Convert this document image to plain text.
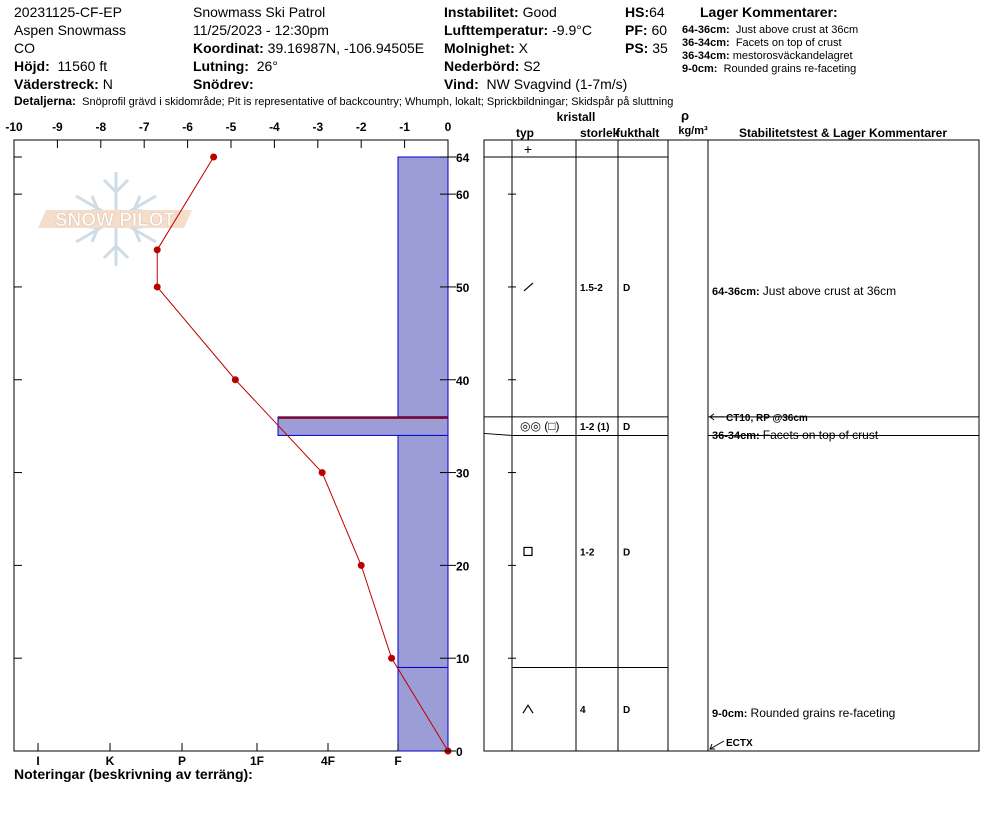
20231125-CF-EP
Aspen Snowmass
CO
Höjd: 11560 ft
Väderstreck: N
Snowmass Ski Patrol
11/25/2023 - 12:30pm
Koordinat: 39.16987N, -106.94505E
Lutning: 26°
Snödrev:
Instabilitet: Good
Lufttemperatur: -9.9°C
Molnighet: X
Nederbörd: S2
Vind: NW Svagvind (1-7m/s)
HS:64
PF: 60
PS: 35
Lager Kommentarer:
64-36cm: Just above crust at 36cm
36-34cm: Facets on top of crust
36-34cm: mestorosväckandelagret
9-0cm: Rounded grains re-faceting
Detaljerna: Snöprofil grävd i skidområde; Pit is representative of backcountry; Whumph, lokalt; Sprickbildningar; Skidspår på sluttning
Noteringar (beskrivning av terräng):
SNOW PILOT
-10 -9	-8	-7	-6	-5	-4	-3	-2	-1	0
I	K	P	1F	4F	F
0
10
20
30
40
50
60
64
kristall
typ	storlek
fukthalt
ρ
kg/m³	Stabilitetstest & Lager Kommentarer
+
1.5-2 D
◎◎ (□) 1-2 (1) D
1-2	D
4	D
64-36cm: Just above crust at 36cm
36-34cm: Facets on top of crust
9-0cm: Rounded grains re-faceting
CT10, RP @36cm
ECTX
